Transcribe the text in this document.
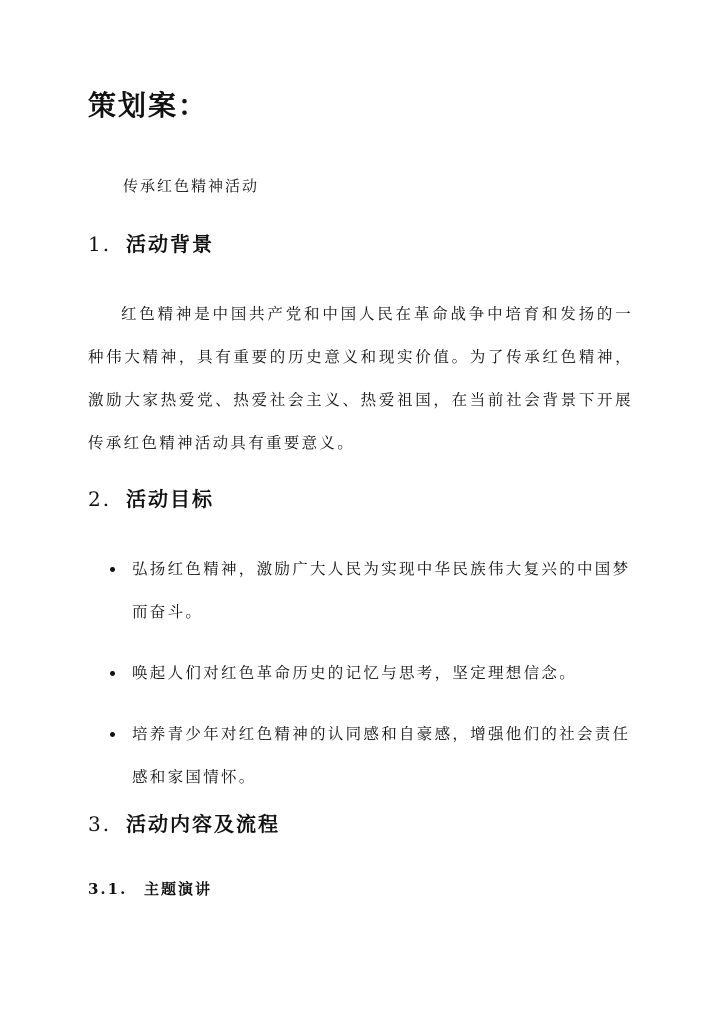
策划案：
传承红色精神活动
1. 活动背景

红色精神是中国共产党和中国人民在革命战争中培育和发扬的一种伟大精神，具有重要的历史意义和现实价值。为了传承红色精神，激励大家热爱党、热爱社会主义、热爱祖国，在当前社会背景下开展传承红色精神活动具有重要意义。

2. 活动目标
弘扬红色精神，激励广大人民为实现中华民族伟大复兴的中国梦而奋斗。
唤起人们对红色革命历史的记忆与思考，坚定理想信念。
培养青少年对红色精神的认同感和自豪感，增强他们的社会责任感和家国情怀。
3. 活动内容及流程
3.1. 主题演讲
